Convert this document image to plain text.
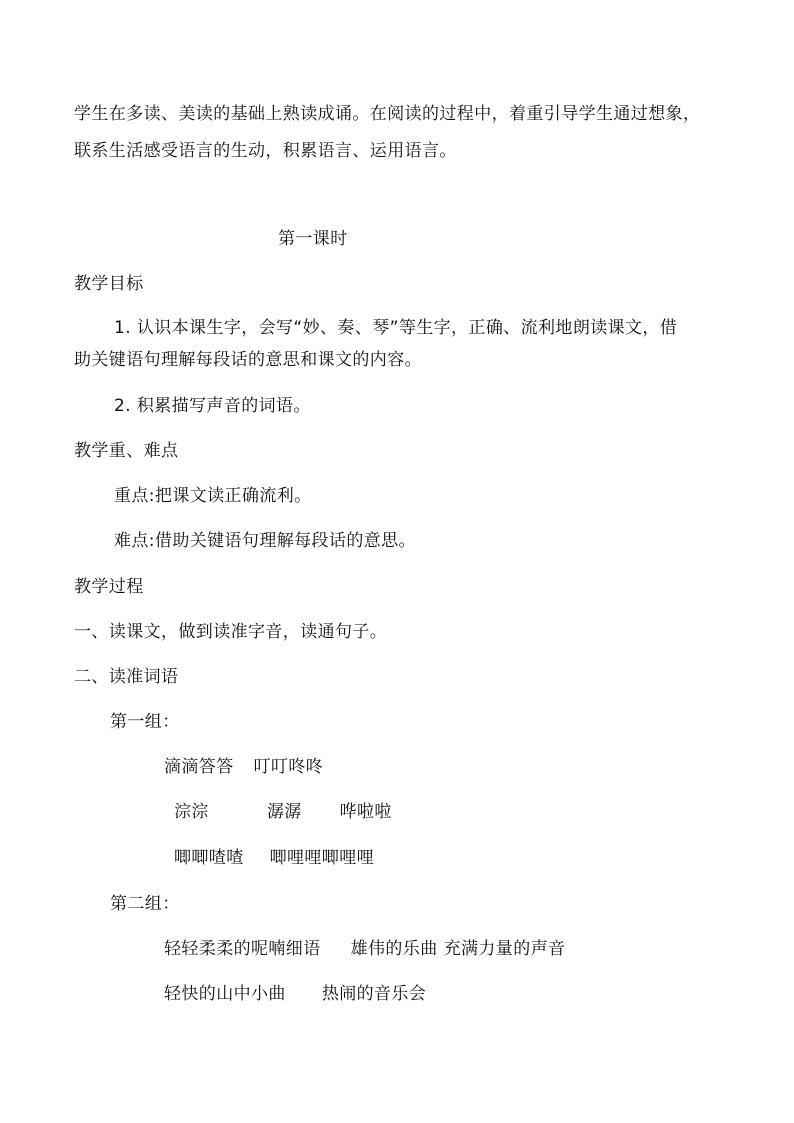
学生在多读、美读的基础上熟读成诵。在阅读的过程中，着重引导学生通过想象，
联系生活感受语言的生动，积累语言、运用语言。
第一课时
教学目标
1. 认识本课生字，会写“妙、奏、琴”等生字，正确、流利地朗读课文，借
助关键语句理解每段话的意思和课文的内容。
2. 积累描写声音的词语。
教学重、难点
重点:把课文读正确流利。
难点:借助关键语句理解每段话的意思。
教学过程
一、读课文，做到读准字音，读通句子。
二、读准词语
第一组：
滴滴答答 叮叮咚咚
淙淙	潺潺 哗啦啦
唧唧喳喳 唧哩哩唧哩哩
第二组：
轻轻柔柔的呢喃细语 雄伟的乐曲 充满力量的声音
轻快的山中小曲 热闹的音乐会
